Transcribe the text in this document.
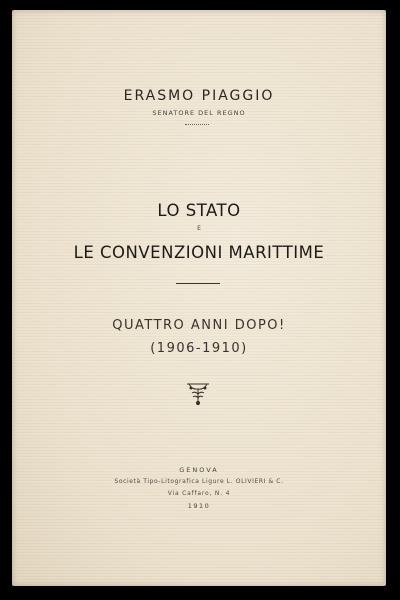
ERASMO PIAGGIO
SENATORE DEL REGNO
LO STATO
E
LE CONVENZIONI MARITTIME
QUATTRO ANNI DOPO!
(1906-1910)
GENOVA
Società Tipo-Litografica Ligure L. OLIVIERI & C.
Via Caffaro, N. 4
1910
